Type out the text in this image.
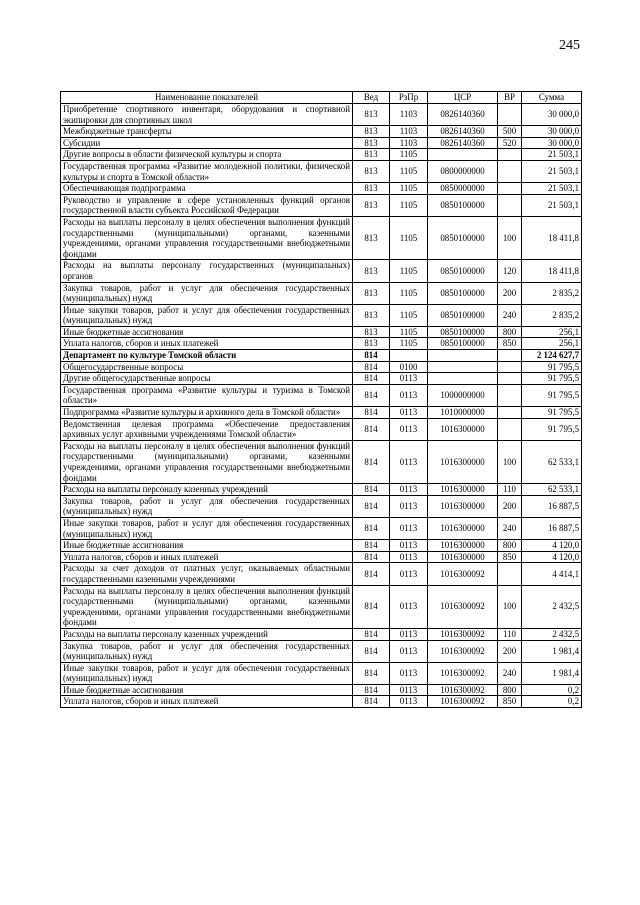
245
Наименование показателей	Вед	РзПр	ЦСР	ВР	Сумма
Приобретение спортивного инвентаря, оборудования и спортивной экипировки для спортивных школ	813	1103	0826140360		30 000,0
Межбюджетные трансферты	813	1103	0826140360	500	30 000,0
Субсидии	813	1103	0826140360	520	30 000,0
Другие вопросы в области физической культуры и спорта	813	1105			21 503,1
Государственная программа «Развитие молодежной политики, физической культуры и спорта в Томской области»	813	1105	0800000000		21 503,1
Обеспечивающая подпрограмма	813	1105	0850000000		21 503,1
Руководство и управление в сфере установленных функций органов государственной власти субъекта Российской Федерации	813	1105	0850100000		21 503,1
Расходы на выплаты персоналу в целях обеспечения выполнения функций государственными (муниципальными) органами, казенными учреждениями, органами управления государственными внебюджетными фондами	813	1105	0850100000	100	18 411,8
Расходы на выплаты персоналу государственных (муниципальных) органов	813	1105	0850100000	120	18 411,8
Закупка товаров, работ и услуг для обеспечения государственных (муниципальных) нужд	813	1105	0850100000	200	2 835,2
Иные закупки товаров, работ и услуг для обеспечения государственных (муниципальных) нужд	813	1105	0850100000	240	2 835,2
Иные бюджетные ассигнования	813	1105	0850100000	800	256,1
Уплата налогов, сборов и иных платежей	813	1105	0850100000	850	256,1
Департамент по культуре Томской области	814				2 124 627,7
Общегосударственные вопросы	814	0100			91 795,5
Другие общегосударственные вопросы	814	0113			91 795,5
Государственная программа «Развитие культуры и туризма в Томской области»	814	0113	1000000000		91 795,5
Подпрограмма «Развитие культуры и архивного дела в Томской области»	814	0113	1010000000		91 795,5
Ведомственная целевая программа «Обеспечение предоставления архивных услуг архивными учреждениями Томской области»	814	0113	1016300000		91 795,5
Расходы на выплаты персоналу в целях обеспечения выполнения функций государственными (муниципальными) органами, казенными учреждениями, органами управления государственными внебюджетными фондами	814	0113	1016300000	100	62 533,1
Расходы на выплаты персоналу казенных учреждений	814	0113	1016300000	110	62 533,1
Закупка товаров, работ и услуг для обеспечения государственных (муниципальных) нужд	814	0113	1016300000	200	16 887,5
Иные закупки товаров, работ и услуг для обеспечения государственных (муниципальных) нужд	814	0113	1016300000	240	16 887,5
Иные бюджетные ассигнования	814	0113	1016300000	800	4 120,0
Уплата налогов, сборов и иных платежей	814	0113	1016300000	850	4 120,0
Расходы за счет доходов от платных услуг, оказываемых областными государственными казенными учреждениями	814	0113	1016300092		4 414,1
Расходы на выплаты персоналу в целях обеспечения выполнения функций государственными (муниципальными) органами, казенными учреждениями, органами управления государственными внебюджетными фондами	814	0113	1016300092	100	2 432,5
Расходы на выплаты персоналу казенных учреждений	814	0113	1016300092	110	2 432,5
Закупка товаров, работ и услуг для обеспечения государственных (муниципальных) нужд	814	0113	1016300092	200	1 981,4
Иные закупки товаров, работ и услуг для обеспечения государственных (муниципальных) нужд	814	0113	1016300092	240	1 981,4
Иные бюджетные ассигнования	814	0113	1016300092	800	0,2
Уплата налогов, сборов и иных платежей	814	0113	1016300092	850	0,2
